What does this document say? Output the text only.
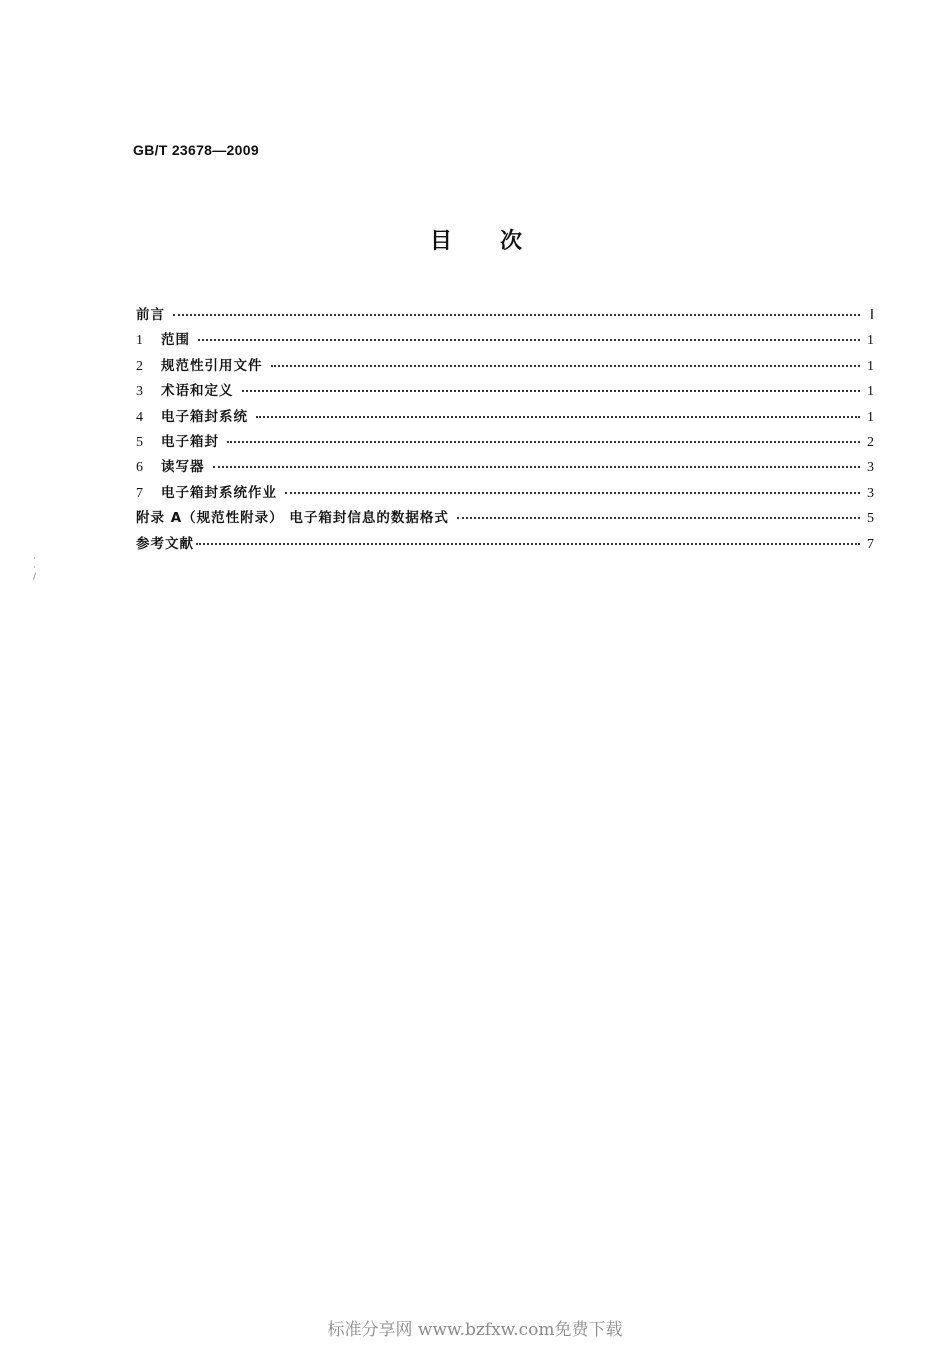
GB/T 23678—2009
目次
前言	Ⅰ
1	范围	1
2	规范性引用文件	1
3	术语和定义	1
4	电子箱封系统	1
5	电子箱封	2
6	读写器	3
7	电子箱封系统作业	3
附录 A（规范性附录） 电子箱封信息的数据格式	5
参考文献	7
·
·
/
标准分享网 www.bzfxw.com免费下载
